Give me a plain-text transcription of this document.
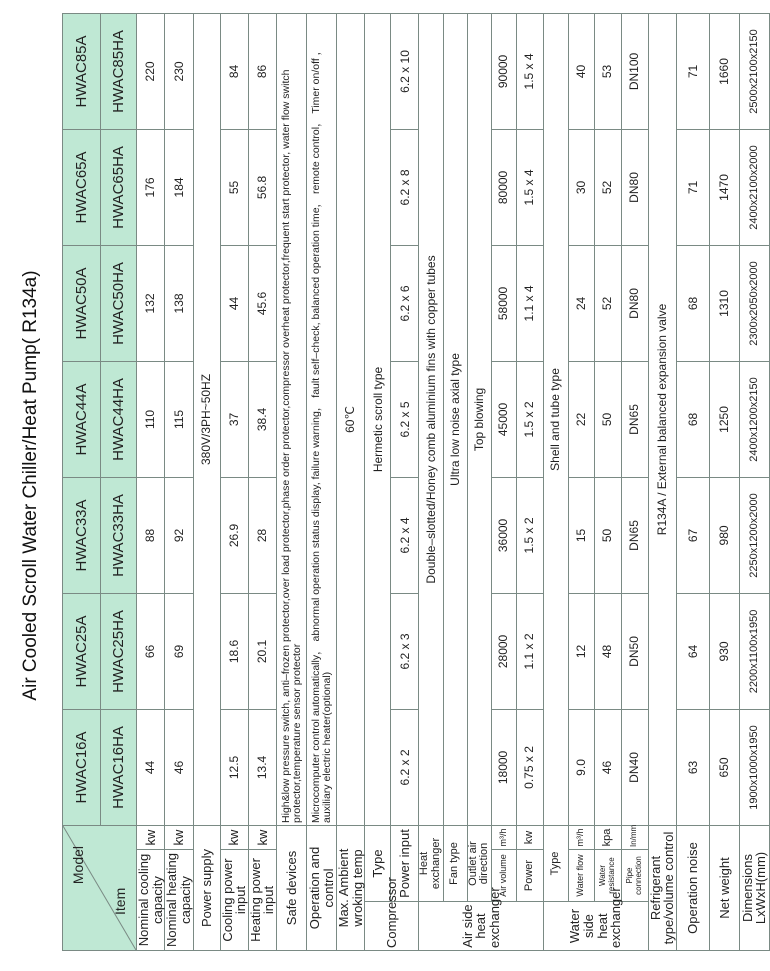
Air Cooled Scroll Water Chiller/Heat Pump( R134a)
Item
Model			HWAC16A	HWAC25A	HWAC33A	HWAC44A	HWAC50A	HWAC65A	HWAC85A
			HWAC16HA	HWAC25HA	HWAC33HA	HWAC44HA	HWAC50HA	HWAC65HA	HWAC85HA
Nominal cooling capacity		kw	44	66	88	110	132	176	220
Nominal heating capacity		kw	46	69	92	115	138	184	230
Power supply			380V/3PH~50HZ						
Cooling power input		kw	12.5	18.6	26.9	37	44	55	84
Heating power input		kw	13.4	20.1	28	38.4	45.6	56.8	86
Safe devices			High&low pressure switch, anti–frozen protector,over load protector,phase order protector,compressor overheat protector,frequent start protector, water flow switch protector,temperature sensor protector						
Operation and control			Microcomputer control automatically， abnormal operation status display, failure warning， fault self–check, balanced operation time， remote control， Timer on/off ， auxiliary electric heater(optional)						
Max. Ambient wroking temp			60℃						
Compressor	Type		Hermetic scroll type						
	Power input		6.2 x 2	6.2 x 3	6.2 x 4	6.2 x 5	6.2 x 6	6.2 x 8	6.2 x 10
Air side heat exchanger	Heat exchanger		Double–slotted/Honey comb aluminium fins with copper tubes						
	Fan type		Ultra low noise axial type						
	Outlet air direction		Top blowing						
	Air volume	m³/h	18000	28000	36000	45000	58000	80000	90000
	Power	kw	0.75 x 2	1.1 x 2	1.5 x 2	1.5 x 2	1.1 x 4	1.5 x 4	1.5 x 4
Water side heat exchanger	Type		Shell and tube type						
	Water flow	m³/h	9.0	12	15	22	24	30	40
	Water resistance	kpa	46	48	50	50	52	52	53
	Pipe connection	In/mm	DN40	DN50	DN65	DN65	DN80	DN80	DN100
Refrigerant type/volume control			R134A / External balanced expansion valve						
Operation noise			63	64	67	68	68	71	71
Net weight			650	930	980	1250	1310	1470	1660
Dimensions LxWxH(mm)			1900x1000x1950	2200x1100x1950	2250x1200x2000	2400x1200x2150	2300x2050x2000	2400x2100x2000	2500x2100x2150
